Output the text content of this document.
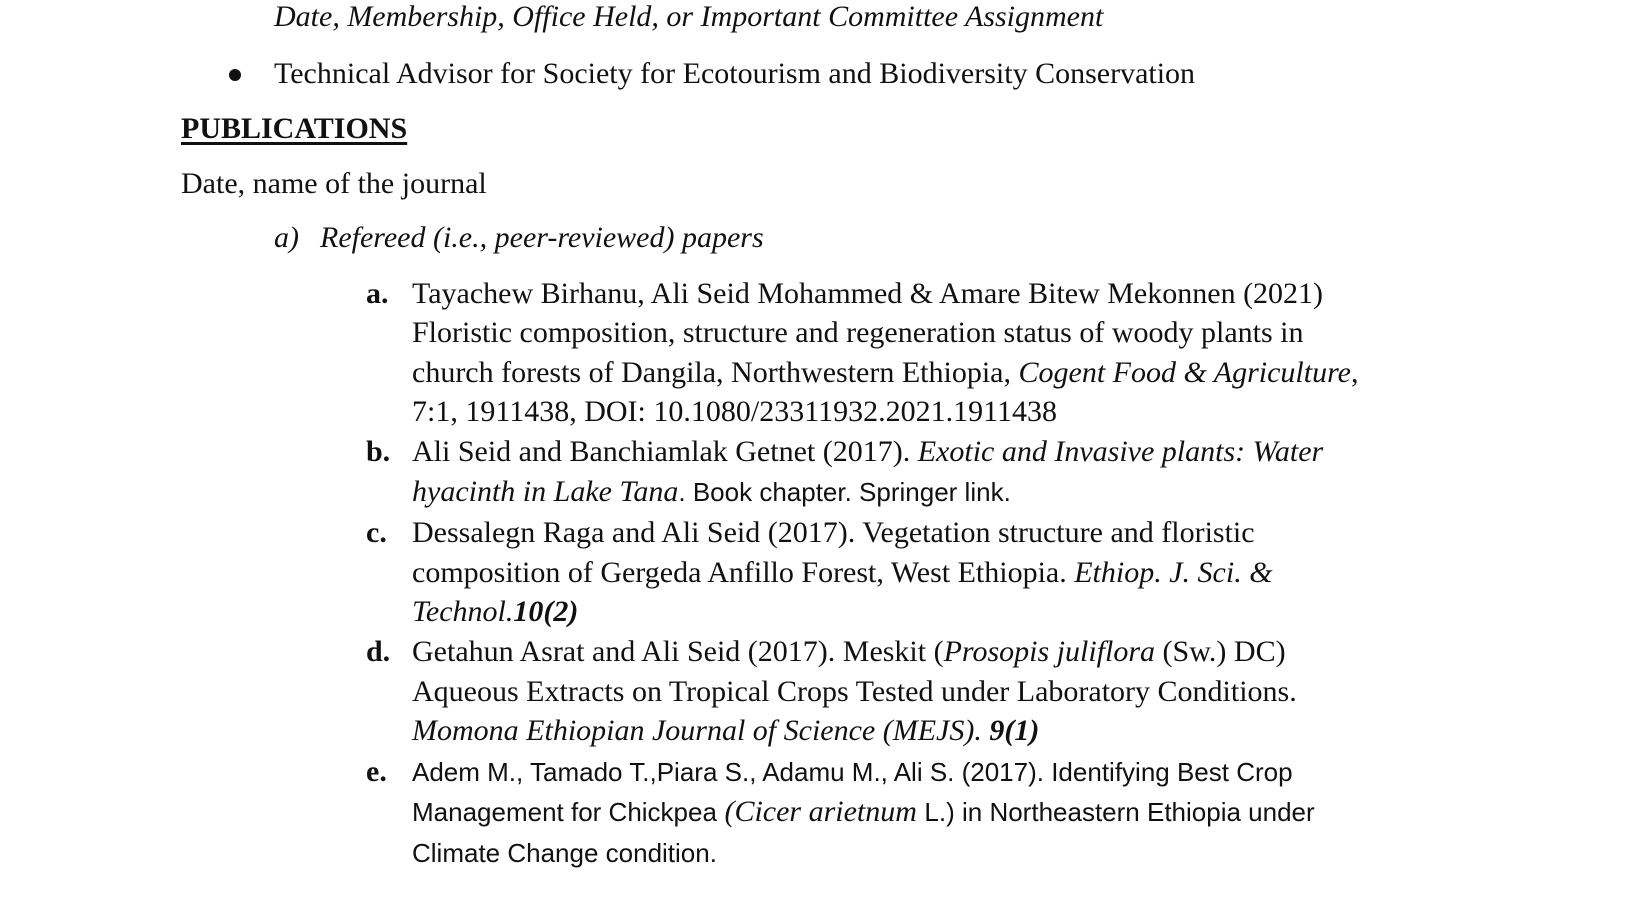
Date, Membership, Office Held, or Important Committee Assignment
Technical Advisor for Society for Ecotourism and Biodiversity Conservation
PUBLICATIONS
Date, name of the journal
a) Refereed (i.e., peer-reviewed) papers
a. Tayachew Birhanu, Ali Seid Mohammed & Amare Bitew Mekonnen (2021)
Floristic composition, structure and regeneration status of woody plants in
church forests of Dangila, Northwestern Ethiopia, Cogent Food & Agriculture,
7:1, 1911438, DOI: 10.1080/23311932.2021.1911438
b. Ali Seid and Banchiamlak Getnet (2017). Exotic and Invasive plants: Water
hyacinth in Lake Tana. Book chapter. Springer link.
c. Dessalegn Raga and Ali Seid (2017). Vegetation structure and floristic
composition of Gergeda Anfillo Forest, West Ethiopia. Ethiop. J. Sci. &
Technol.10(2)
d. Getahun Asrat and Ali Seid (2017). Meskit (Prosopis juliflora (Sw.) DC)
Aqueous Extracts on Tropical Crops Tested under Laboratory Conditions.
Momona Ethiopian Journal of Science (MEJS). 9(1)
e. Adem M., Tamado T.,Piara S., Adamu M., Ali S. (2017). Identifying Best Crop
Management for Chickpea (Cicer arietnum L.) in Northeastern Ethiopia under
Climate Change condition.
